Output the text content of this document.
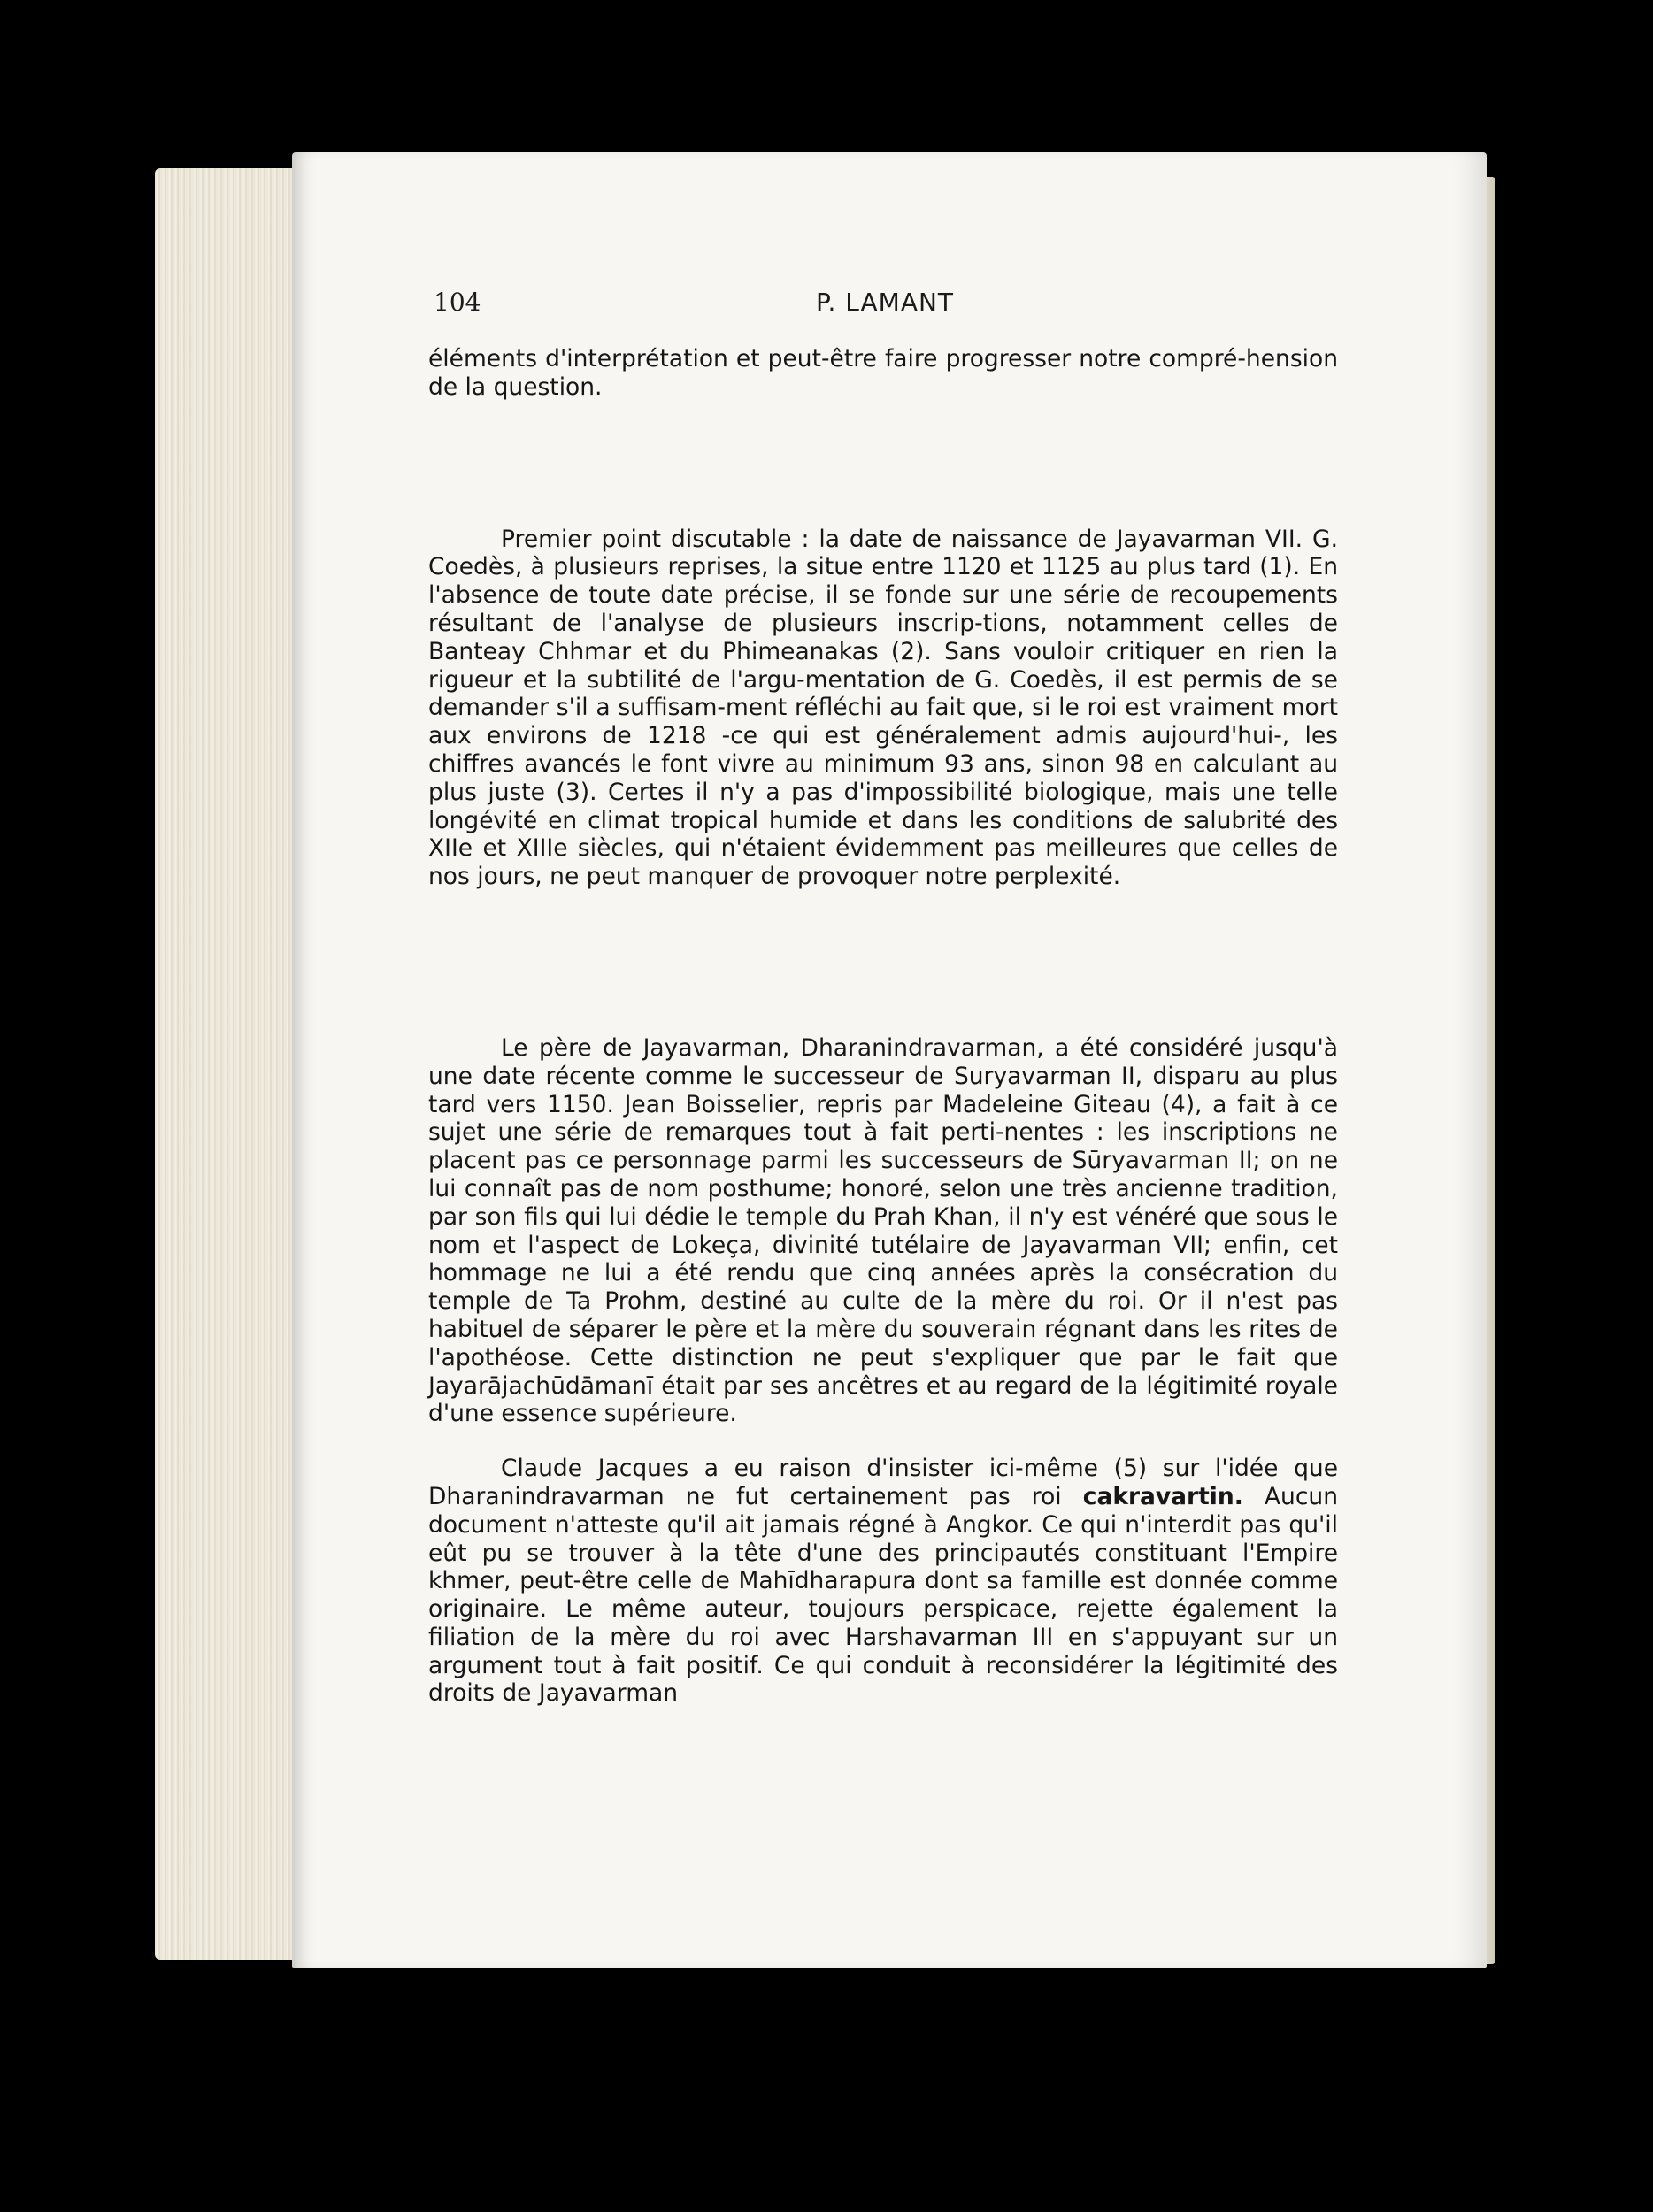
104	P. LAMANT

éléments d'interprétation et peut-être faire progresser notre compré-hension de la question.

Premier point discutable : la date de naissance de Jayavarman VII. G. Coedès, à plusieurs reprises, la situe entre 1120 et 1125 au plus tard (1). En l'absence de toute date précise, il se fonde sur une série de recoupements résultant de l'analyse de plusieurs inscrip-tions, notamment celles de Banteay Chhmar et du Phimeanakas (2). Sans vouloir critiquer en rien la rigueur et la subtilité de l'argu-mentation de G. Coedès, il est permis de se demander s'il a suffisam-ment réfléchi au fait que, si le roi est vraiment mort aux environs de 1218 -ce qui est généralement admis aujourd'hui-, les chiffres avancés le font vivre au minimum 93 ans, sinon 98 en calculant au plus juste (3). Certes il n'y a pas d'impossibilité biologique, mais une telle longévité en climat tropical humide et dans les conditions de salubrité des XIIe et XIIIe siècles, qui n'étaient évidemment pas meilleures que celles de nos jours, ne peut manquer de provoquer notre perplexité.

Le père de Jayavarman, Dharanindravarman, a été considéré jusqu'à une date récente comme le successeur de Suryavarman II, disparu au plus tard vers 1150. Jean Boisselier, repris par Madeleine Giteau (4), a fait à ce sujet une série de remarques tout à fait perti-nentes : les inscriptions ne placent pas ce personnage parmi les successeurs de Sūryavarman II; on ne lui connaît pas de nom posthume; honoré, selon une très ancienne tradition, par son fils qui lui dédie le temple du Prah Khan, il n'y est vénéré que sous le nom et l'aspect de Lokeça, divinité tutélaire de Jayavarman VII; enfin, cet hommage ne lui a été rendu que cinq années après la consécration du temple de Ta Prohm, destiné au culte de la mère du roi. Or il n'est pas habituel de séparer le père et la mère du souverain régnant dans les rites de l'apothéose. Cette distinction ne peut s'expliquer que par le fait que Jayarājachūdāmanī était par ses ancêtres et au regard de la légitimité royale d'une essence supérieure.

Claude Jacques a eu raison d'insister ici-même (5) sur l'idée que Dharanindravarman ne fut certainement pas roi cakravartin. Aucun document n'atteste qu'il ait jamais régné à Angkor. Ce qui n'interdit pas qu'il eût pu se trouver à la tête d'une des principautés constituant l'Empire khmer, peut-être celle de Mahīdharapura dont sa famille est donnée comme originaire. Le même auteur, toujours perspicace, rejette également la filiation de la mère du roi avec Harshavarman III en s'appuyant sur un argument tout à fait positif. Ce qui conduit à reconsidérer la légitimité des droits de Jayavarman
